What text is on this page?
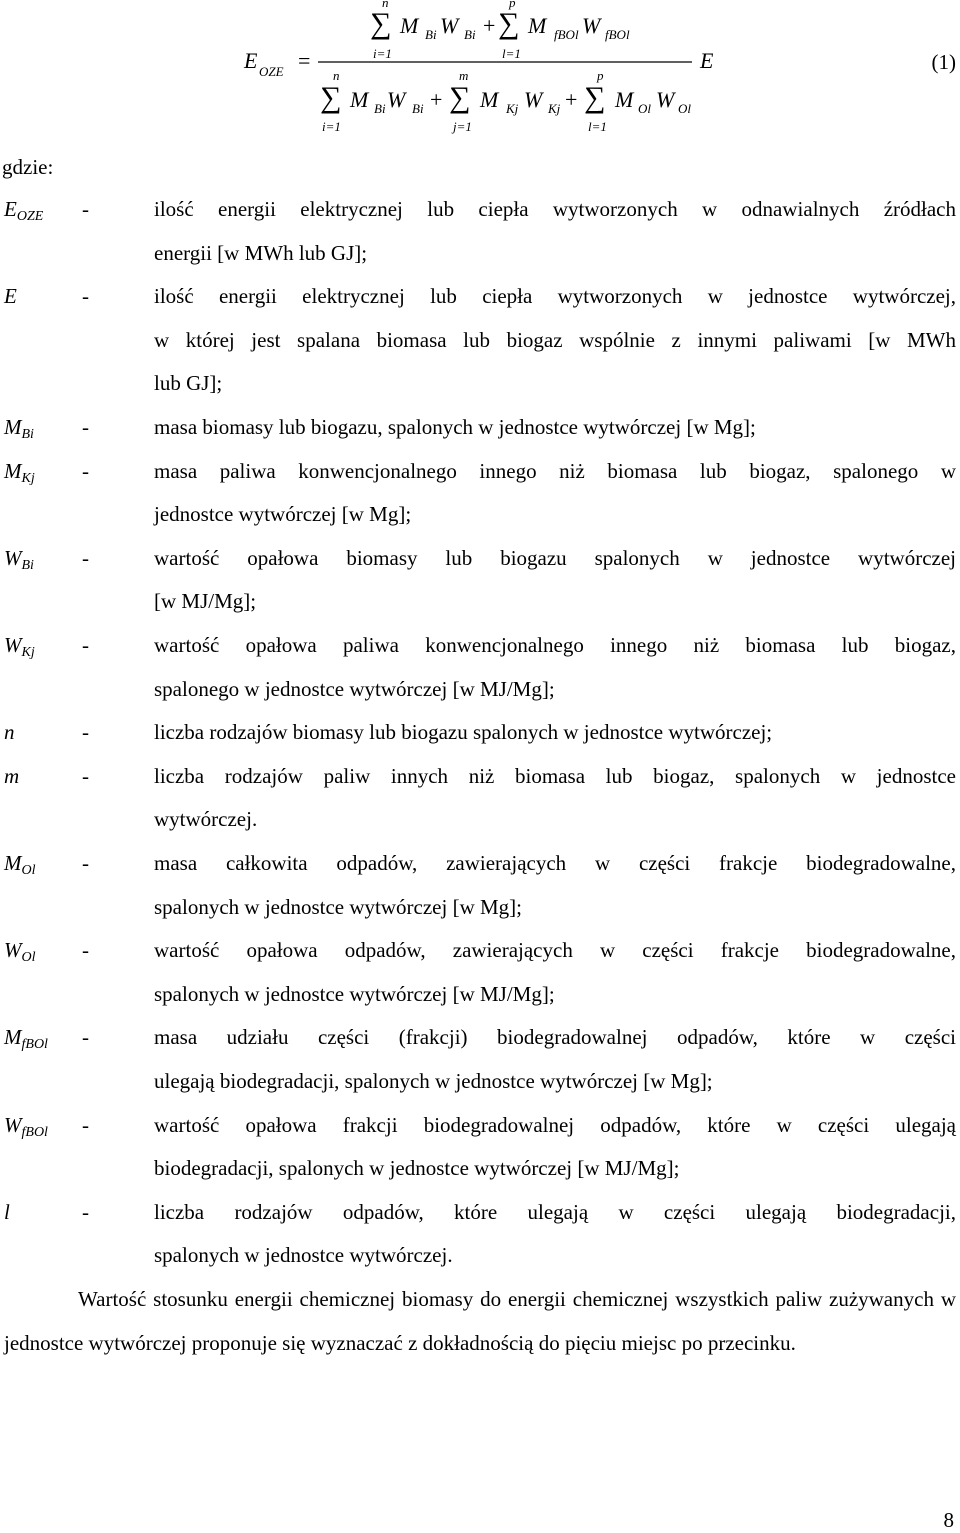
E OZE =
n
∑
i=1
M Bi W Bi +
p
∑
l=1
M fBOl W fBOl
n
∑
i=1
M Bi W Bi +
m
∑
j=1
M Kj W Kj +
p
∑
l=1
M Ol W Ol
E	(1)
gdzie:
$E_{OZE}$ -	ilość energii elektrycznej lub ciepła wytworzonych w odnawialnych źródłach
energii [w MWh lub GJ];
E	-	ilość energii elektrycznej lub ciepła wytworzonych w jednostce wytwórczej,
w której jest spalana biomasa lub biogaz wspólnie z innymi paliwami [w MWh
lub GJ];
$M_{Bi}$ -	masa biomasy lub biogazu, spalonych w jednostce wytwórczej [w Mg];
$M_{Kj}$ -	masa paliwa konwencjonalnego innego niż biomasa lub biogaz, spalonego w
jednostce wytwórczej [w Mg];
$W_{Bi}$ -	wartość opałowa biomasy lub biogazu spalonych w jednostce wytwórczej
[w MJ/Mg];
$W_{Kj}$ -	wartość opałowa paliwa konwencjonalnego innego niż biomasa lub biogaz,
spalonego w jednostce wytwórczej [w MJ/Mg];
n	-	liczba rodzajów biomasy lub biogazu spalonych w jednostce wytwórczej;
m	-	liczba rodzajów paliw innych niż biomasa lub biogaz, spalonych w jednostce
wytwórczej.
$M_{Ol}$ -	masa całkowita odpadów, zawierających w części frakcje biodegradowalne,
spalonych w jednostce wytwórczej [w Mg];
$W_{Ol}$ -	wartość opałowa odpadów, zawierających w części frakcje biodegradowalne,
spalonych w jednostce wytwórczej [w MJ/Mg];
$M_{fBOl}$ -	masa udziału części (frakcji) biodegradowalnej odpadów, które w części
ulegają biodegradacji, spalonych w jednostce wytwórczej [w Mg];
$W_{fBOl}$ -	wartość opałowa frakcji biodegradowalnej odpadów, które w części ulegają
biodegradacji, spalonych w jednostce wytwórczej [w MJ/Mg];
l	-	liczba rodzajów odpadów, które ulegają w części ulegają biodegradacji,
spalonych w jednostce wytwórczej.
Wartość stosunku energii chemicznej biomasy do energii chemicznej wszystkich paliw zużywanych w jednostce wytwórczej proponuje się wyznaczać z dokładnością do pięciu miejsc po przecinku.
8
